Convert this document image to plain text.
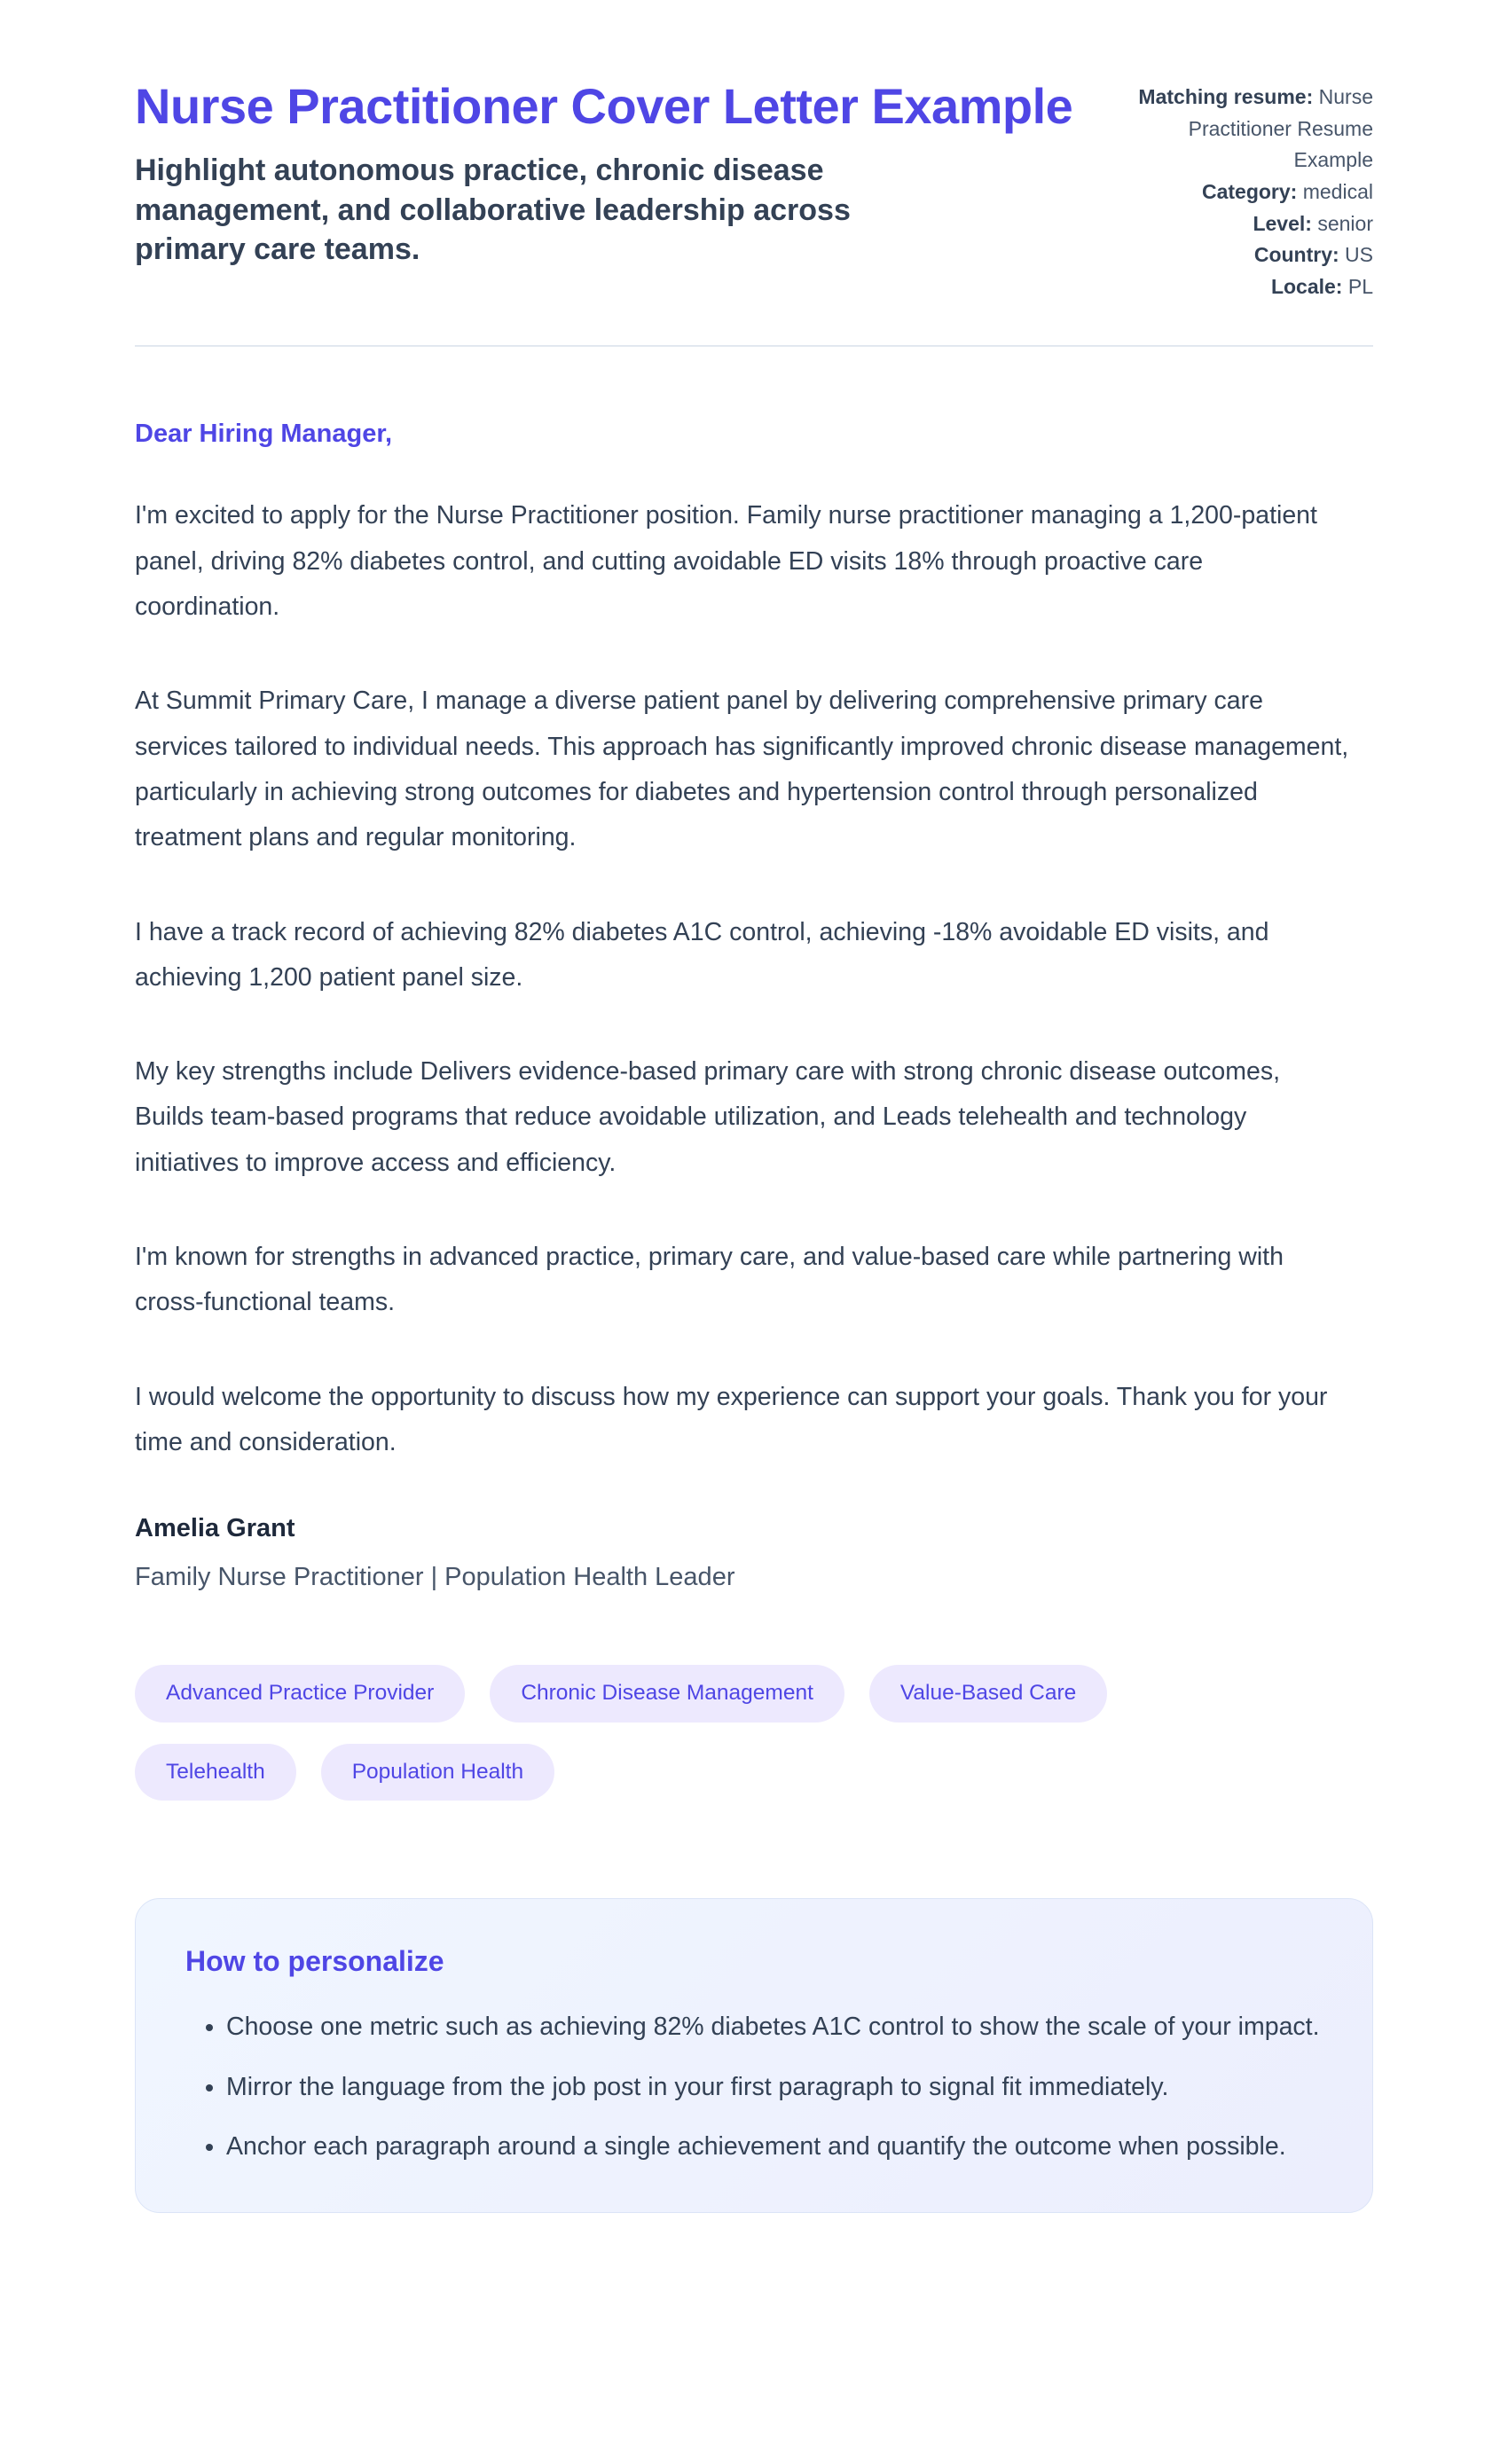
Nurse Practitioner Cover Letter Example

Highlight autonomous practice, chronic disease management, and collaborative leadership across primary care teams.

Matching resume: Nurse Practitioner Resume Example
Category: medical
Level: senior
Country: US
Locale: PL

Dear Hiring Manager,

I'm excited to apply for the Nurse Practitioner position. Family nurse practitioner managing a 1,200-patient panel, driving 82% diabetes control, and cutting avoidable ED visits 18% through proactive care coordination.

At Summit Primary Care, I manage a diverse patient panel by delivering comprehensive primary care services tailored to individual needs. This approach has significantly improved chronic disease management, particularly in achieving strong outcomes for diabetes and hypertension control through personalized treatment plans and regular monitoring.

I have a track record of achieving 82% diabetes A1C control, achieving -18% avoidable ED visits, and achieving 1,200 patient panel size.

My key strengths include Delivers evidence-based primary care with strong chronic disease outcomes, Builds team-based programs that reduce avoidable utilization, and Leads telehealth and technology initiatives to improve access and efficiency.

I'm known for strengths in advanced practice, primary care, and value-based care while partnering with cross-functional teams.

I would welcome the opportunity to discuss how my experience can support your goals. Thank you for your time and consideration.

Amelia Grant

Family Nurse Practitioner | Population Health Leader

Advanced Practice Provider	Chronic Disease Management	Value-Based Care
Telehealth	Population Health
How to personalize
• Choose one metric such as achieving 82% diabetes A1C control to show the scale of your impact.
• Mirror the language from the job post in your first paragraph to signal fit immediately.
• Anchor each paragraph around a single achievement and quantify the outcome when possible.
